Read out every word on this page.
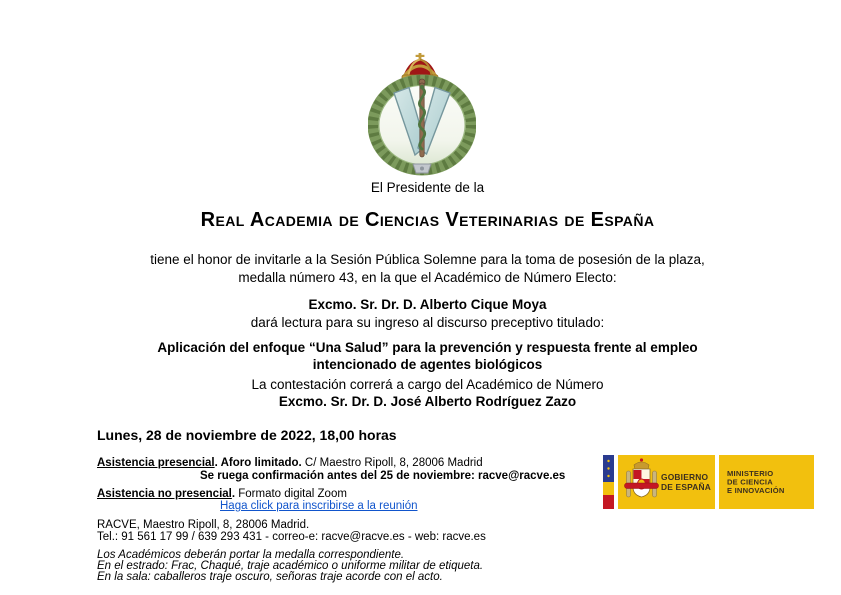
El Presidente de la
Real Academia de Ciencias Veterinarias de España
tiene el honor de invitarle a la Sesión Pública Solemne para la toma de posesión de la plaza,
medalla número 43, en la que el Académico de Número Electo:
Excmo. Sr. Dr. D. Alberto Cique Moya
dará lectura para su ingreso al discurso preceptivo titulado:
Aplicación del enfoque “Una Salud” para la prevención y respuesta frente al empleo
intencionado de agentes biológicos
La contestación correrá a cargo del Académico de Número
Excmo. Sr. Dr. D. José Alberto Rodríguez Zazo
Lunes, 28 de noviembre de 2022, 18,00 horas
Asistencia presencial. Aforo limitado. C/ Maestro Ripoll, 8, 28006 Madrid
Se ruega confirmación antes del 25 de noviembre: racve@racve.es
Asistencia no presencial. Formato digital Zoom
Haga click para inscribirse a la reunión
RACVE, Maestro Ripoll, 8, 28006 Madrid.
Tel.: 91 561 17 99 / 639 293 431 - correo-e: racve@racve.es - web: racve.es
Los Académicos deberán portar la medalla correspondiente.
En el estrado: Frac, Chaqué, traje académico o uniforme militar de etiqueta.
En la sala: caballeros traje oscuro, señoras traje acorde con el acto.
GOBIERNO
DE ESPAÑA
MINISTERIO
DE CIENCIA
E INNOVACIÓN
